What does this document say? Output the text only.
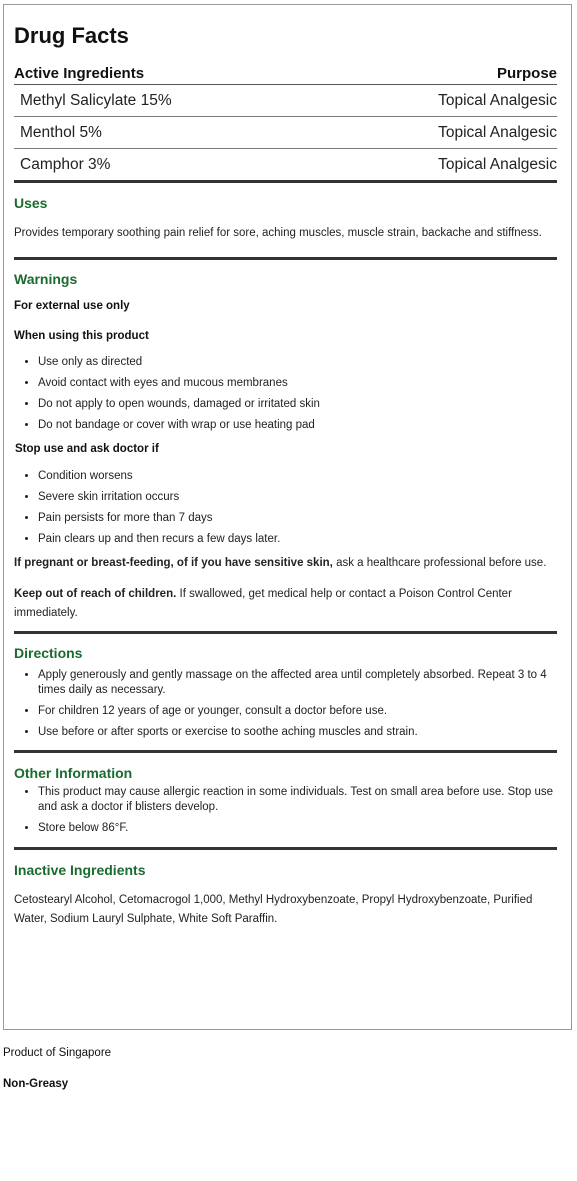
Drug Facts
Active Ingredients	Purpose
Methyl Salicylate 15%	Topical Analgesic
Menthol 5%	Topical Analgesic
Camphor 3%	Topical Analgesic
Uses
Provides temporary soothing pain relief for sore, aching muscles, muscle strain, backache and stiffness.
Warnings
For external use only
When using this product
• Use only as directed
• Avoid contact with eyes and mucous membranes
• Do not apply to open wounds, damaged or irritated skin
• Do not bandage or cover with wrap or use heating pad
Stop use and ask doctor if
• Condition worsens
• Severe skin irritation occurs
• Pain persists for more than 7 days
• Pain clears up and then recurs a few days later.
If pregnant or breast-feeding, of if you have sensitive skin, ask a healthcare professional before use.
Keep out of reach of children. If swallowed, get medical help or contact a Poison Control Center immediately.
Directions
• Apply generously and gently massage on the affected area until completely absorbed. Repeat 3 to 4 times daily as necessary.
• For children 12 years of age or younger, consult a doctor before use.
• Use before or after sports or exercise to soothe aching muscles and strain.
Other Information
• This product may cause allergic reaction in some individuals. Test on small area before use. Stop use and ask a doctor if blisters develop.
• Store below 86°F.
Inactive Ingredients
Cetostearyl Alcohol, Cetomacrogol 1,000, Methyl Hydroxybenzoate, Propyl Hydroxybenzoate, Purified Water, Sodium Lauryl Sulphate, White Soft Paraffin.
Product of Singapore
Non-Greasy
